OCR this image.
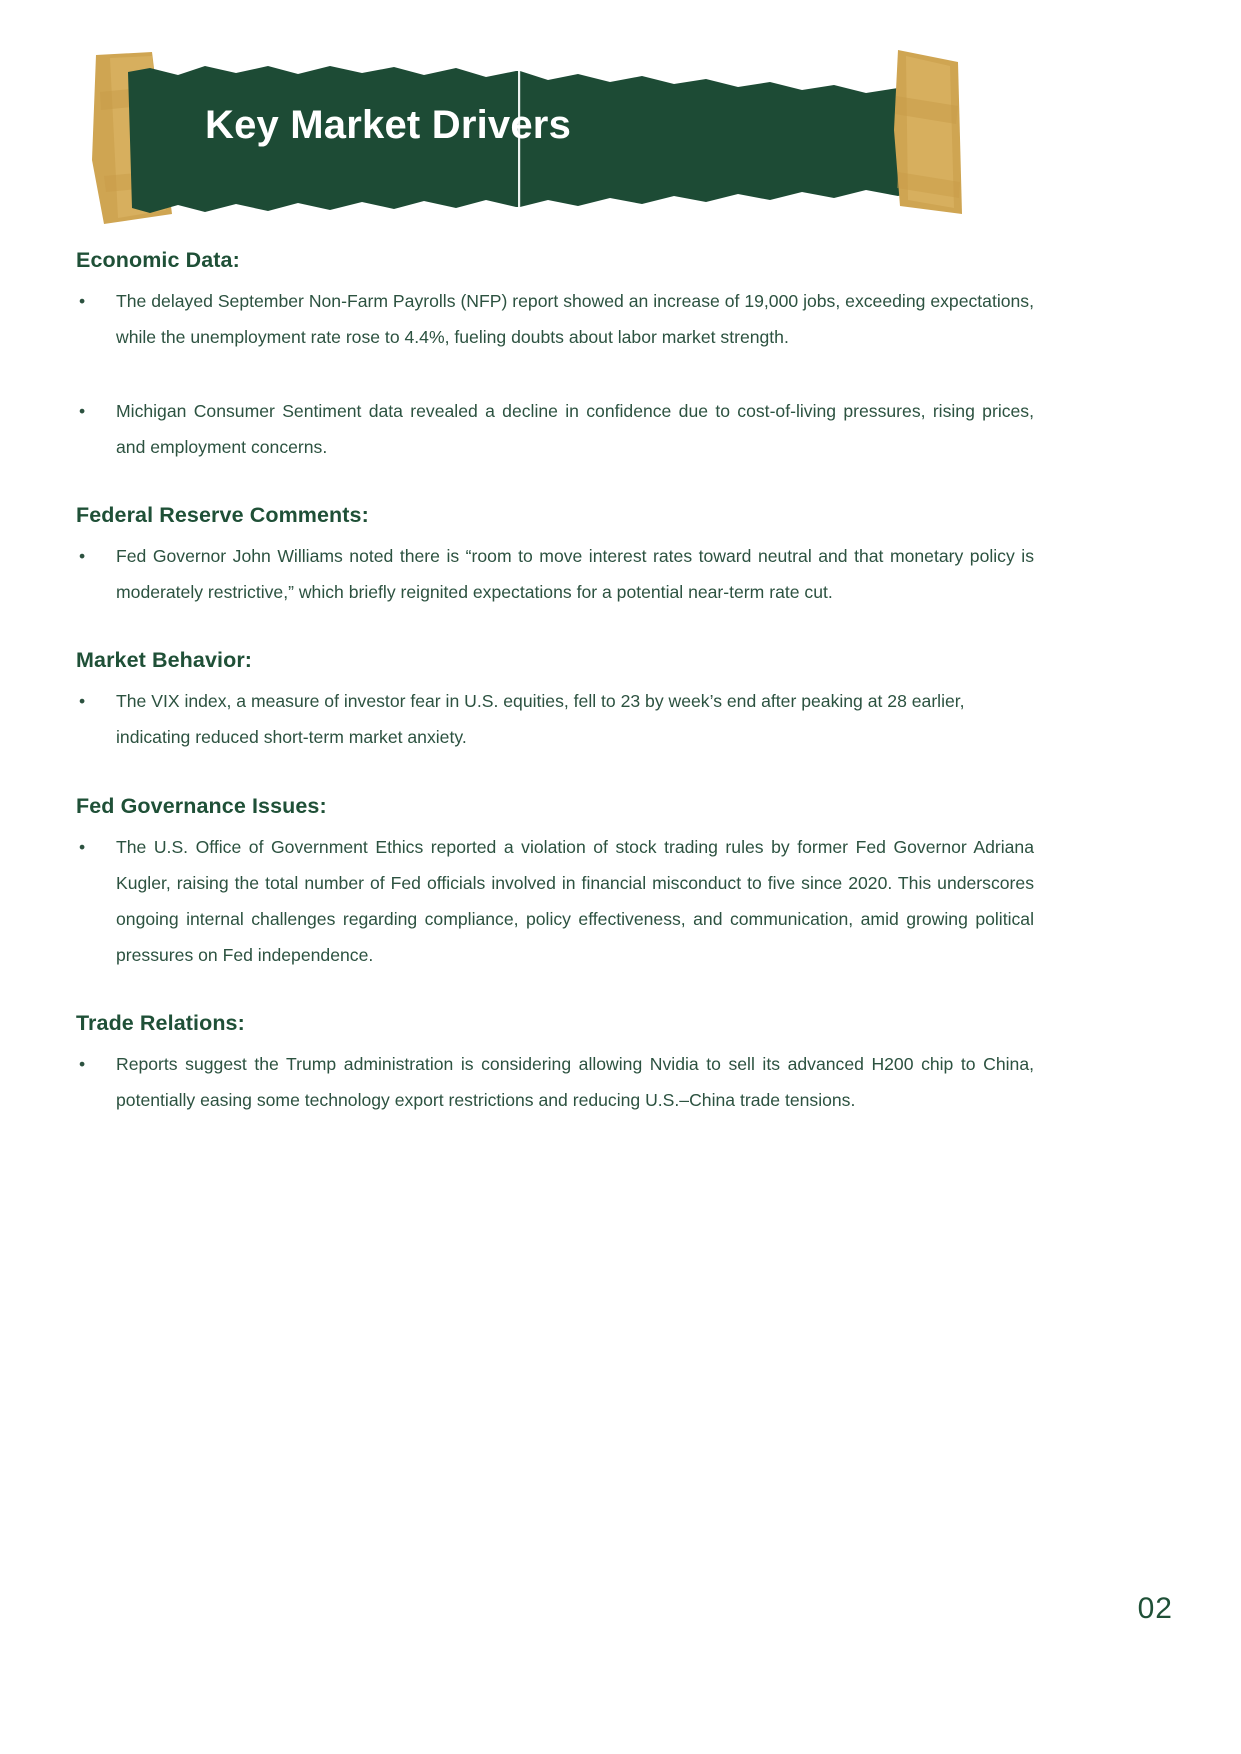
Key Market Drivers
Economic Data:
• The delayed September Non-Farm Payrolls (NFP) report showed an increase of 19,000 jobs, exceeding expectations, while the unemployment rate rose to 4.4%, fueling doubts about labor market strength.
• Michigan Consumer Sentiment data revealed a decline in confidence due to cost-of-living pressures, rising prices, and employment concerns.
Federal Reserve Comments:
• Fed Governor John Williams noted there is “room to move interest rates toward neutral and that monetary policy is moderately restrictive,” which briefly reignited expectations for a potential near-term rate cut.
Market Behavior:
• The VIX index, a measure of investor fear in U.S. equities, fell to 23 by week’s end after peaking at 28 earlier, indicating reduced short-term market anxiety.
Fed Governance Issues:
• The U.S. Office of Government Ethics reported a violation of stock trading rules by former Fed Governor Adriana Kugler, raising the total number of Fed officials involved in financial misconduct to five since 2020. This underscores ongoing internal challenges regarding compliance, policy effectiveness, and communication, amid growing political pressures on Fed independence.
Trade Relations:
• Reports suggest the Trump administration is considering allowing Nvidia to sell its advanced H200 chip to China, potentially easing some technology export restrictions and reducing U.S.–China trade tensions.
02
